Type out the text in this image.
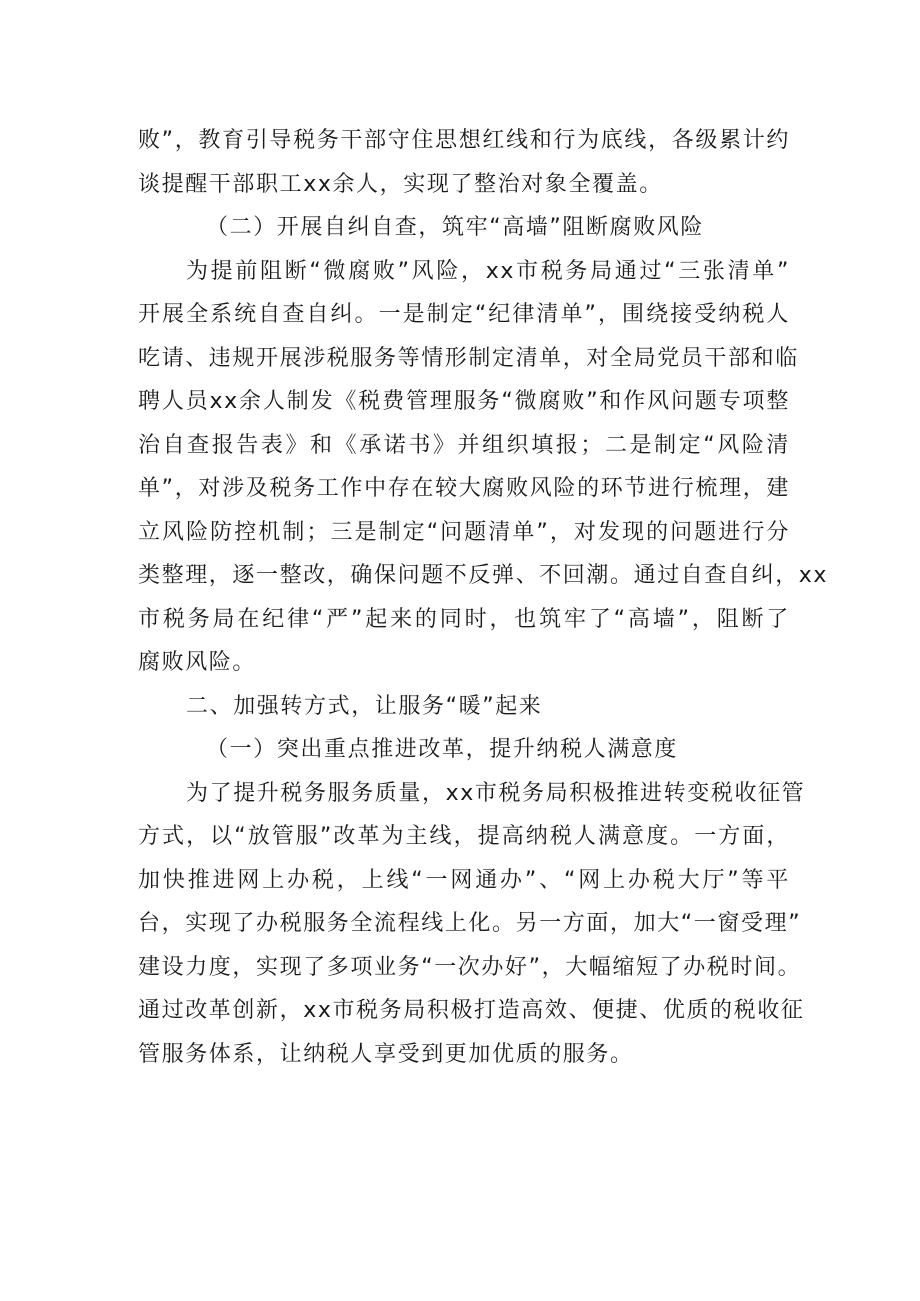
败”，教育引导税务干部守住思想红线和行为底线，各级累计约
谈提醒干部职工xx余人，实现了整治对象全覆盖。
（二）开展自纠自查，筑牢“高墙”阻断腐败风险
为提前阻断“微腐败”风险，xx市税务局通过“三张清单”
开展全系统自查自纠。一是制定“纪律清单”，围绕接受纳税人
吃请、违规开展涉税服务等情形制定清单，对全局党员干部和临
聘人员xx余人制发《税费管理服务“微腐败”和作风问题专项整
治自查报告表》和《承诺书》并组织填报；二是制定“风险清
单”，对涉及税务工作中存在较大腐败风险的环节进行梳理，建
立风险防控机制；三是制定“问题清单”，对发现的问题进行分
类整理，逐一整改，确保问题不反弹、不回潮。通过自查自纠，xx
市税务局在纪律“严”起来的同时，也筑牢了“高墙”，阻断了
腐败风险。
二、加强转方式，让服务“暖”起来
（一）突出重点推进改革，提升纳税人满意度
为了提升税务服务质量，xx市税务局积极推进转变税收征管
方式，以“放管服”改革为主线，提高纳税人满意度。一方面，
加快推进网上办税，上线“一网通办”、“网上办税大厅”等平
台，实现了办税服务全流程线上化。另一方面，加大“一窗受理”
建设力度，实现了多项业务“一次办好”，大幅缩短了办税时间。
通过改革创新，xx市税务局积极打造高效、便捷、优质的税收征
管服务体系，让纳税人享受到更加优质的服务。
